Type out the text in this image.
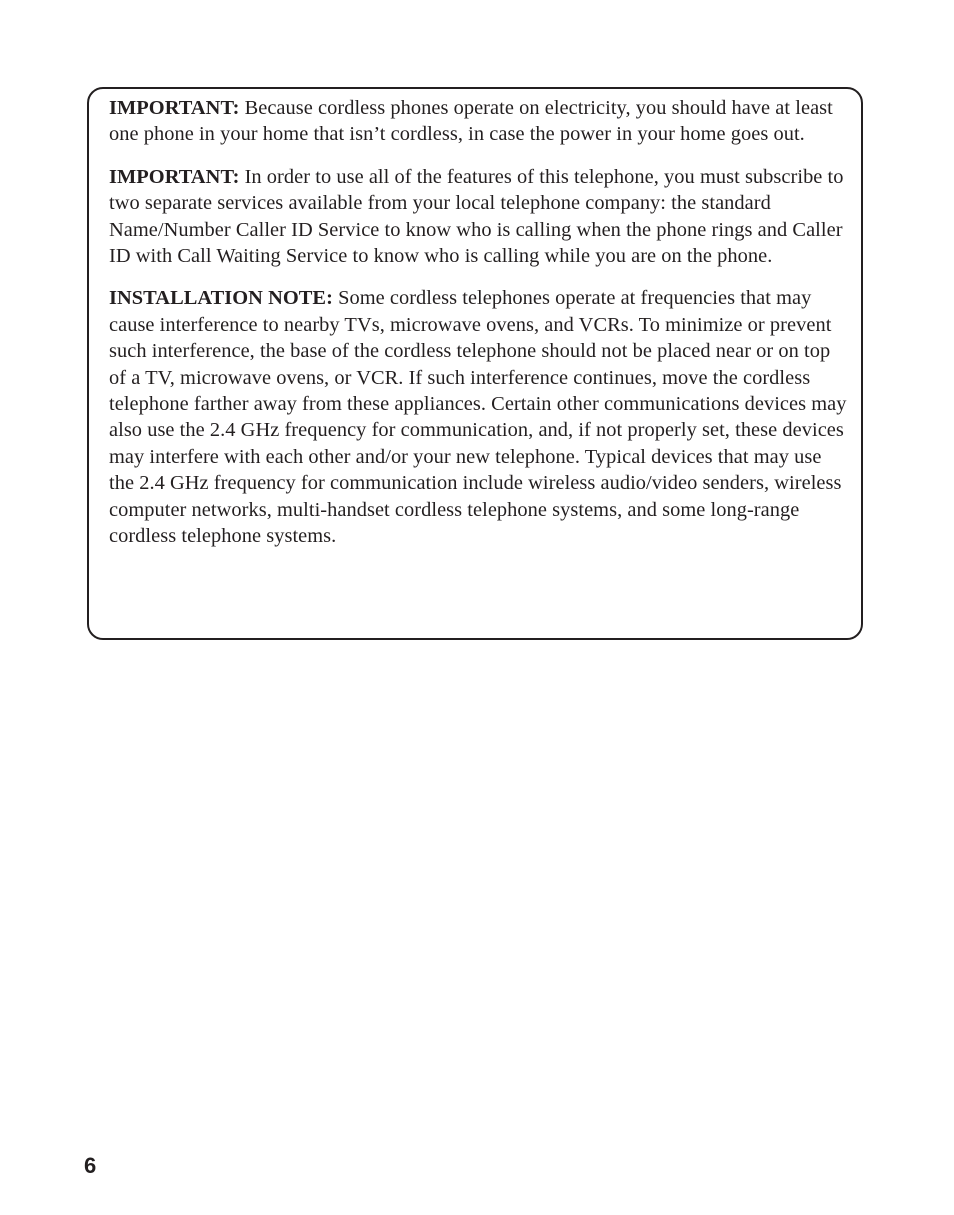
IMPORTANT: Because cordless phones operate on electricity, you should have at least one phone in your home that isn’t cordless, in case the power in your home goes out.

IMPORTANT: In order to use all of the features of this telephone, you must subscribe to two separate services available from your local telephone company: the standard Name/Number Caller ID Service to know who is calling when the phone rings and Caller ID with Call Waiting Service to know who is calling while you are on the phone.

INSTALLATION NOTE: Some cordless telephones operate at frequencies that may cause interference to nearby TVs, microwave ovens, and VCRs. To minimize or prevent such interference, the base of the cordless telephone should not be placed near or on top of a TV, microwave ovens, or VCR. If such interference continues, move the cordless telephone farther away from these appliances. Certain other communications devices may also use the 2.4 GHz frequency for communication, and, if not properly set, these devices may interfere with each other and/or your new telephone. Typical devices that may use the 2.4 GHz frequency for communication include wireless audio/video senders, wireless computer networks, multi-handset cordless telephone systems, and some long-range cordless telephone systems.

6
